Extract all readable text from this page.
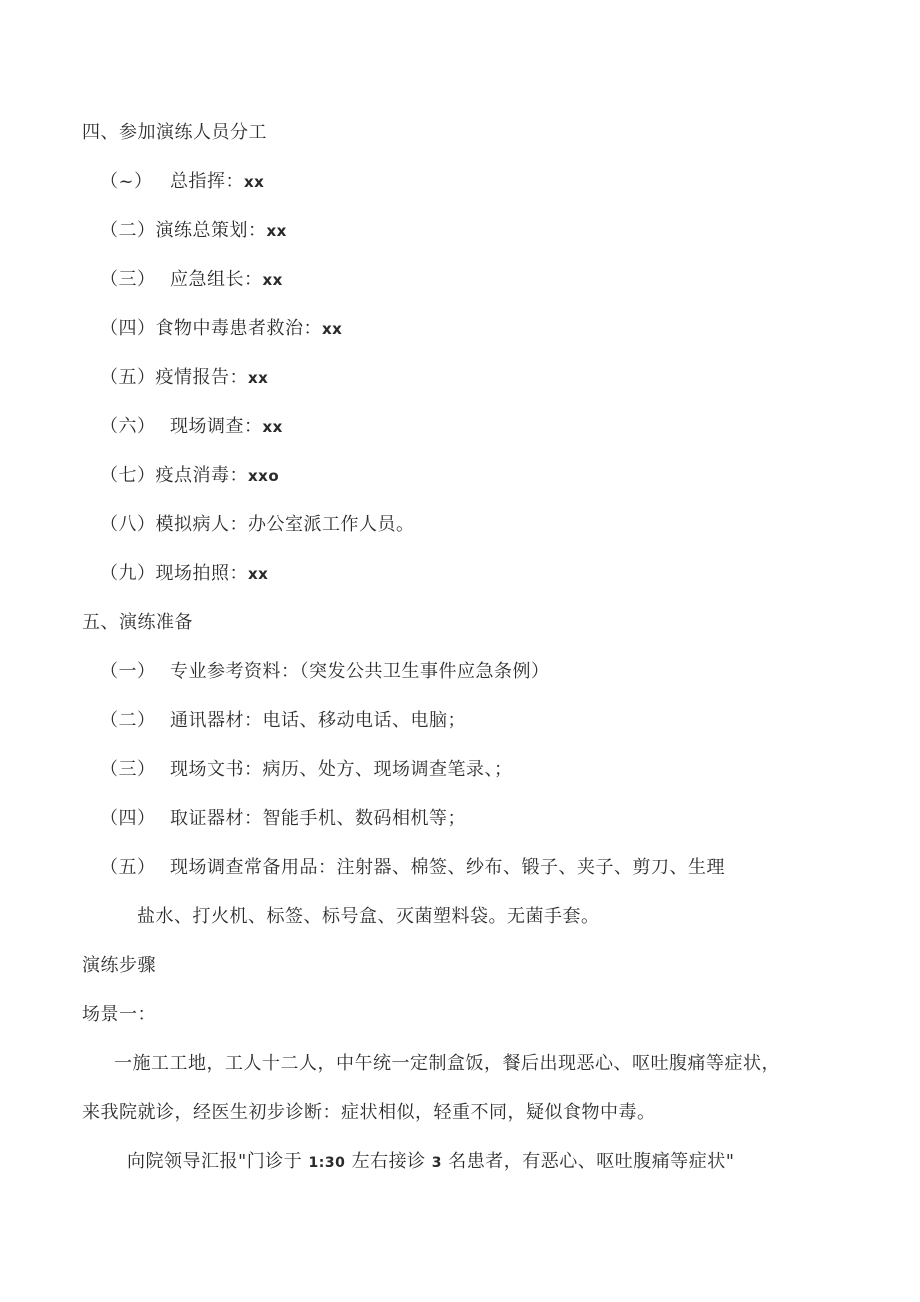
四、参加演练人员分工
（~） 总指挥：xx
（二）演练总策划：xx
（三） 应急组长：xx
（四）食物中毒患者救治：xx
（五）疫情报告：xx
（六） 现场调查：xx
（七）疫点消毒：xxo
（八）模拟病人：办公室派工作人员。
（九）现场拍照：xx
五、演练准备
（一） 专业参考资料：（突发公共卫生事件应急条例）
（二） 通讯器材：电话、移动电话、电脑；
（三） 现场文书：病历、处方、现场调查笔录、；
（四） 取证器材：智能手机、数码相机等；
（五） 现场调查常备用品：注射器、棉签、纱布、锻子、夹子、剪刀、生理
盐水、打火机、标签、标号盒、灭菌塑料袋。无菌手套。
演练步骤
场景一：
一施工工地，工人十二人，中午统一定制盒饭，餐后出现恶心、呕吐腹痛等症状，
来我院就诊，经医生初步诊断：症状相似，轻重不同，疑似食物中毒。
向院领导汇报"门诊于 1:30 左右接诊 3 名患者，有恶心、呕吐腹痛等症状"
